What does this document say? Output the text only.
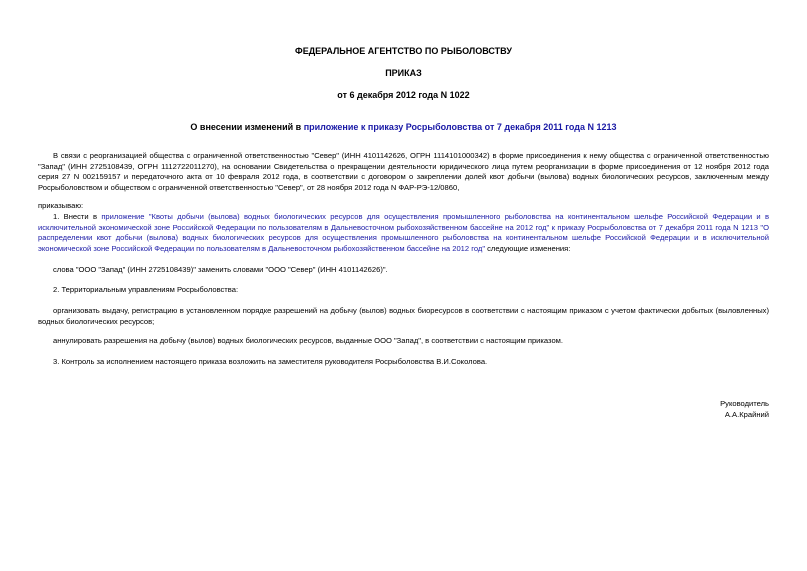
ФЕДЕРАЛЬНОЕ АГЕНТСТВО ПО РЫБОЛОВСТВУ
ПРИКАЗ
от 6 декабря 2012 года N 1022
О внесении изменений в приложение к приказу Росрыболовства от 7 декабря 2011 года N 1213
В связи с реорганизацией общества с ограниченной ответственностью "Север" (ИНН 4101142626, ОГРН 1114101000342) в форме присоединения к нему общества с ограниченной ответственностью "Запад" (ИНН 2725108439, ОГРН 1112722011270), на основании Свидетельства о прекращении деятельности юридического лица путем реорганизации в форме присоединения от 12 ноября 2012 года серия 27 N 002159157 и передаточного акта от 10 февраля 2012 года, в соответствии с договором о закреплении долей квот добычи (вылова) водных биологических ресурсов, заключенным между Росрыболовством и обществом с ограниченной ответственностью "Север", от 28 ноября 2012 года N ФАР-РЭ-12/0860,
приказываю:
1. Внести в приложение "Квоты добычи (вылова) водных биологических ресурсов для осуществления промышленного рыболовства на континентальном шельфе Российской Федерации и в исключительной экономической зоне Российской Федерации по пользователям в Дальневосточном рыбохозяйственном бассейне на 2012 год" к приказу Росрыболовства от 7 декабря 2011 года N 1213 "О распределении квот добычи (вылова) водных биологических ресурсов для осуществления промышленного рыболовства на континентальном шельфе Российской Федерации и в исключительной экономической зоне Российской Федерации по пользователям в Дальневосточном рыбохозяйственном бассейне на 2012 год" следующие изменения:
слова "ООО "Запад" (ИНН 2725108439)" заменить словами "ООО "Север" (ИНН 4101142626)".
2. Территориальным управлениям Росрыболовства:
организовать выдачу, регистрацию в установленном порядке разрешений на добычу (вылов) водных биоресурсов в соответствии с настоящим приказом с учетом фактически добытых (выловленных) водных биологических ресурсов;
аннулировать разрешения на добычу (вылов) водных биологических ресурсов, выданные ООО "Запад", в соответствии с настоящим приказом.
3. Контроль за исполнением настоящего приказа возложить на заместителя руководителя Росрыболовства В.И.Соколова.
Руководитель
А.А.Крайний
